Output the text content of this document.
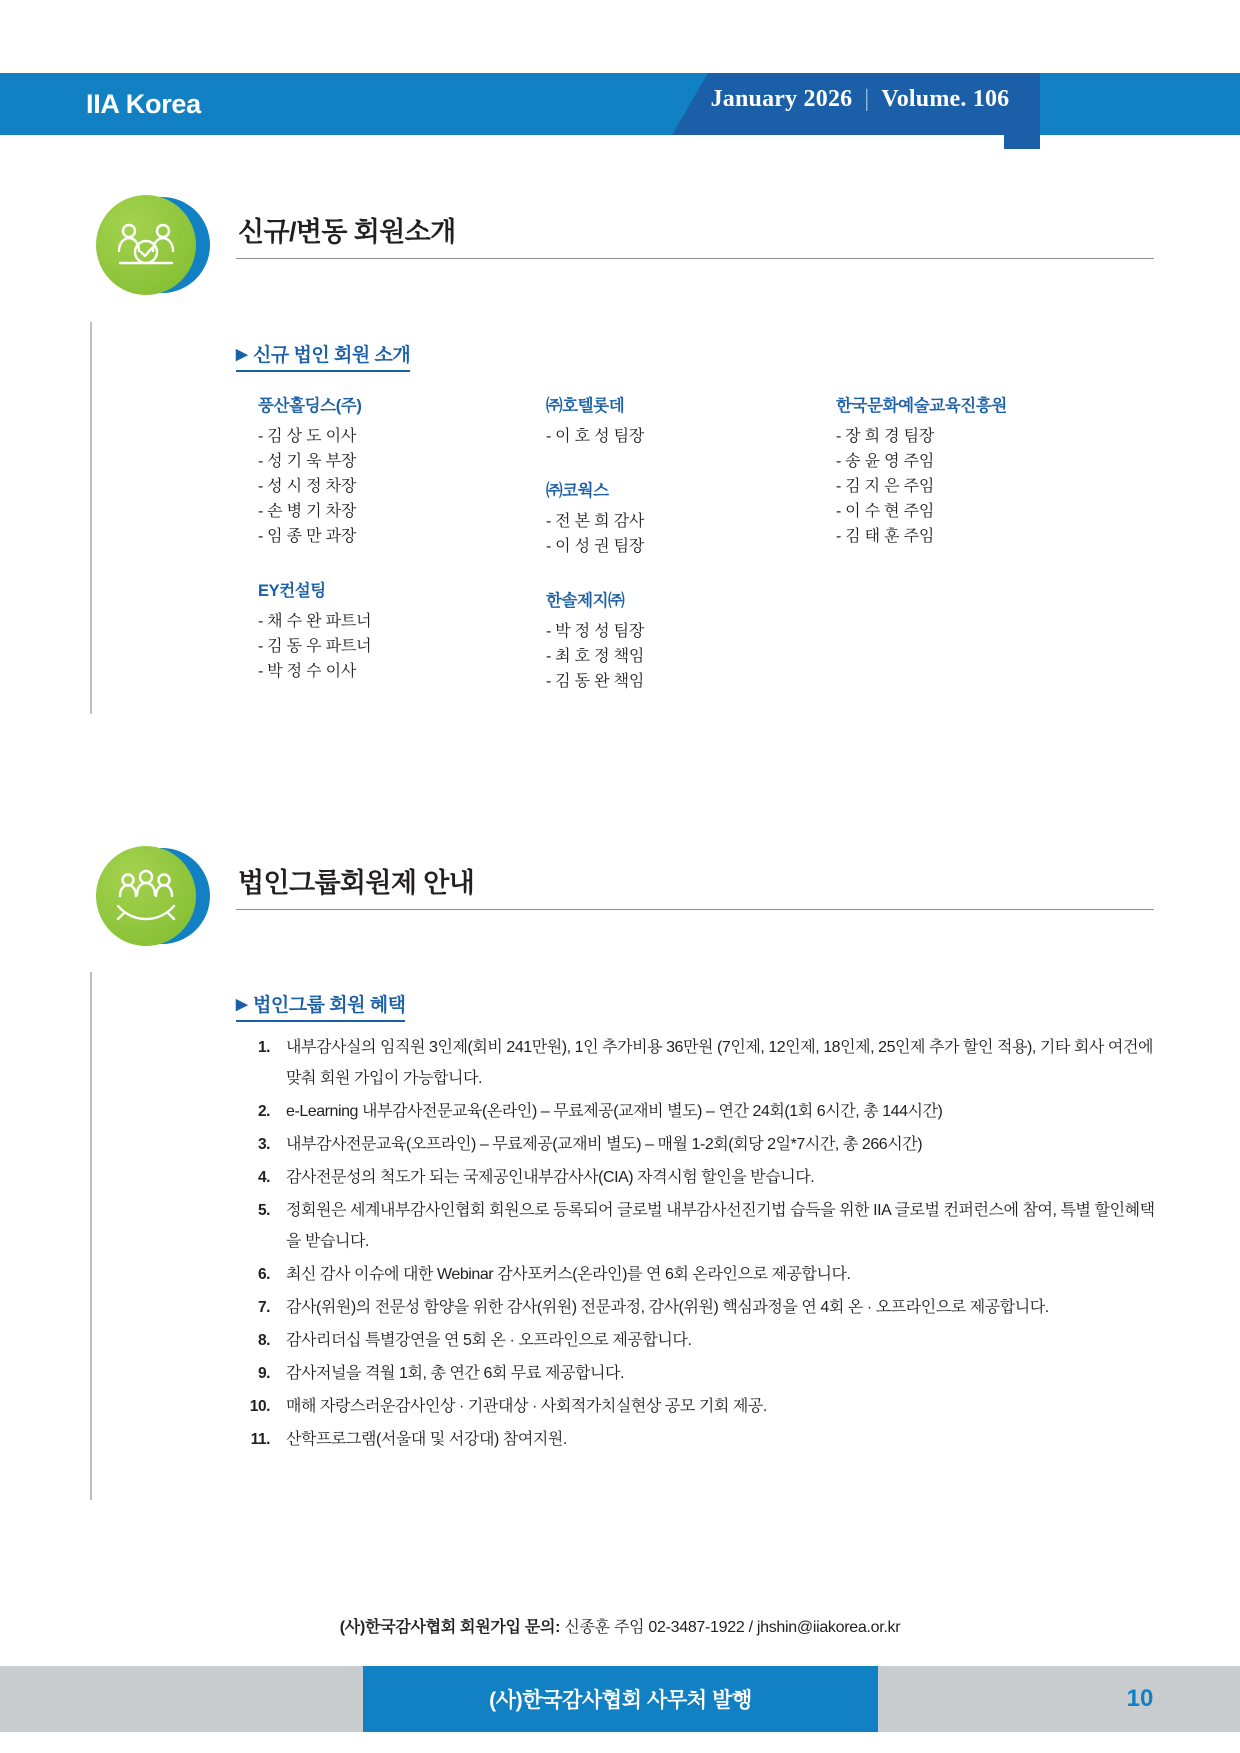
IIA Korea	January 2026 | Volume. 106
신규/변동 회원소개
▶ 신규 법인 회원 소개
풍산홀딩스(주)
- 김 상 도 이사
- 성 기 욱 부장
- 성 시 정 차장
- 손 병 기 차장
- 임 종 만 과장
EY컨설팅
- 채 수 완 파트너
- 김 동 우 파트너
- 박 정 수 이사
㈜호텔롯데
- 이 호 성 팀장
㈜코웍스
- 전 본 희 감사
- 이 성 권 팀장
한솔제지㈜
- 박 정 성 팀장
- 최 호 정 책임
- 김 동 완 책임
한국문화예술교육진흥원
- 장 희 경 팀장
- 송 윤 영 주임
- 김 지 은 주임
- 이 수 현 주임
- 김 태 훈 주임
법인그룹회원제 안내
▶ 법인그룹 회원 혜택
1. 내부감사실의 임직원 3인제(회비 241만원), 1인 추가비용 36만원 (7인제, 12인제, 18인제, 25인제 추가 할인 적용), 기타 회사 여건에 맞춰 회원 가입이 가능합니다.
2. e-Learning 내부감사전문교육(온라인) – 무료제공(교재비 별도) – 연간 24회(1회 6시간, 총 144시간)
3. 내부감사전문교육(오프라인) – 무료제공(교재비 별도) – 매월 1-2회(회당 2일*7시간, 총 266시간)
4. 감사전문성의 척도가 되는 국제공인내부감사사(CIA) 자격시험 할인을 받습니다.
5. 정회원은 세계내부감사인협회 회원으로 등록되어 글로벌 내부감사선진기법 습득을 위한 IIA 글로벌 컨퍼런스에 참여, 특별 할인혜택을 받습니다.
6. 최신 감사 이슈에 대한 Webinar 감사포커스(온라인)를 연 6회 온라인으로 제공합니다.
7. 감사(위원)의 전문성 함양을 위한 감사(위원) 전문과정, 감사(위원) 핵심과정을 연 4회 온 · 오프라인으로 제공합니다.
8. 감사리더십 특별강연을 연 5회 온 · 오프라인으로 제공합니다.
9. 감사저널을 격월 1회, 총 연간 6회 무료 제공합니다.
10. 매해 자랑스러운감사인상 · 기관대상 · 사회적가치실현상 공모 기회 제공.
11. 산학프로그램(서울대 및 서강대) 참여지원.
(사)한국감사협회 회원가입 문의: 신종훈 주임 02-3487-1922 / jhshin@iiakorea.or.kr
(사)한국감사협회 사무처 발행	10
